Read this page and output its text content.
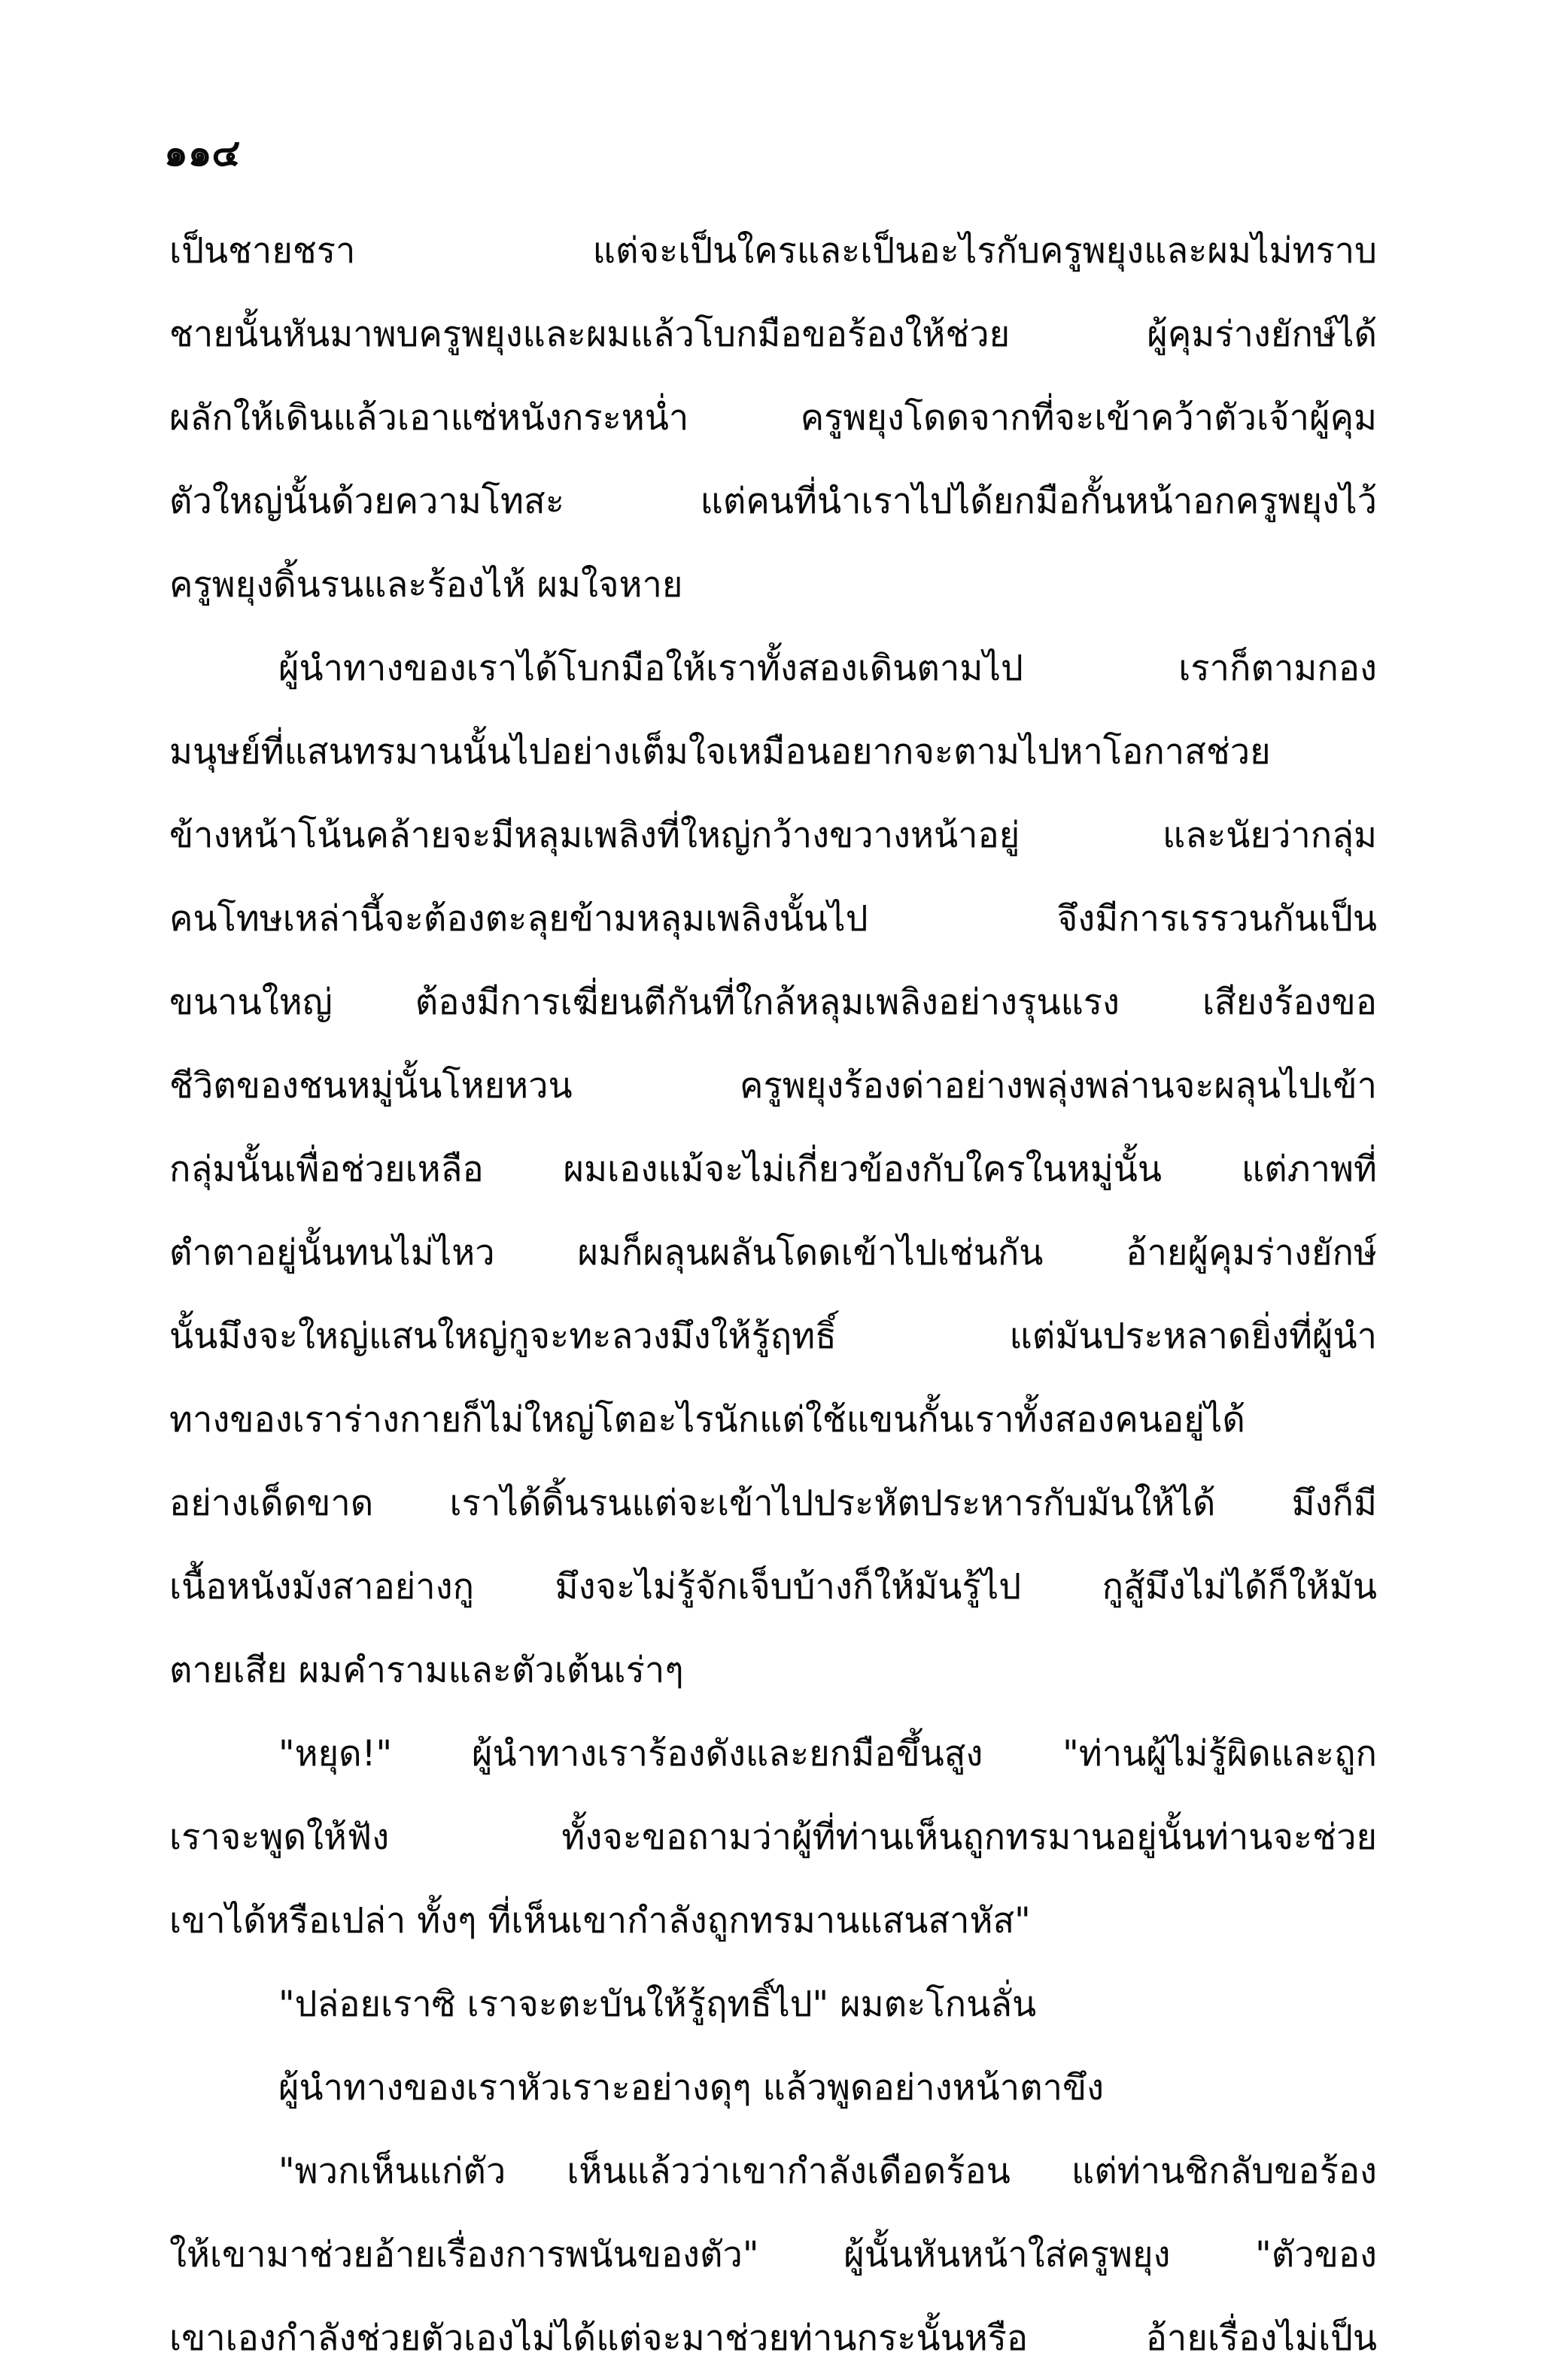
๑๑๔

เป็นชายชรา แต่จะเป็นใครและเป็นอะไรกับครูพยุงและผมไม่ทราบ
ชายนั้นหันมาพบครูพยุงและผมแล้วโบกมือขอร้องให้ช่วย ผู้คุมร่างยักษ์ได้
ผลักให้เดินแล้วเอาแซ่หนังกระหน่ำ ครูพยุงโดดจากที่จะเข้าคว้าตัวเจ้าผู้คุม
ตัวใหญ่นั้นด้วยความโทสะ แต่คนที่นำเราไปได้ยกมือกั้นหน้าอกครูพยุงไว้
ครูพยุงดิ้นรนและร้องไห้ ผมใจหาย
ผู้นำทางของเราได้โบกมือให้เราทั้งสองเดินตามไป เราก็ตามกอง
มนุษย์ที่แสนทรมานนั้นไปอย่างเต็มใจเหมือนอยากจะตามไปหาโอกาสช่วย
ข้างหน้าโน้นคล้ายจะมีหลุมเพลิงที่ใหญ่กว้างขวางหน้าอยู่ และนัยว่ากลุ่ม
คนโทษเหล่านี้จะต้องตะลุยข้ามหลุมเพลิงนั้นไป จึงมีการเรรวนกันเป็น
ขนานใหญ่ ต้องมีการเฆี่ยนตีกันที่ใกล้หลุมเพลิงอย่างรุนแรง เสียงร้องขอ
ชีวิตของชนหมู่นั้นโหยหวน ครูพยุงร้องด่าอย่างพลุ่งพล่านจะผลุนไปเข้า
กลุ่มนั้นเพื่อช่วยเหลือ ผมเองแม้จะไม่เกี่ยวข้องกับใครในหมู่นั้น แต่ภาพที่
ตำตาอยู่นั้นทนไม่ไหว ผมก็ผลุนผลันโดดเข้าไปเช่นกัน อ้ายผู้คุมร่างยักษ์
นั้นมึงจะใหญ่แสนใหญ่กูจะทะลวงมึงให้รู้ฤทธิ์ แต่มันประหลาดยิ่งที่ผู้นำ
ทางของเราร่างกายก็ไม่ใหญ่โตอะไรนักแต่ใช้แขนกั้นเราทั้งสองคนอยู่ได้
อย่างเด็ดขาด เราได้ดิ้นรนแต่จะเข้าไปประหัตประหารกับมันให้ได้ มึงก็มี
เนื้อหนังมังสาอย่างกู มึงจะไม่รู้จักเจ็บบ้างก็ให้มันรู้ไป กูสู้มึงไม่ได้ก็ให้มัน
ตายเสีย ผมคำรามและตัวเต้นเร่าๆ
"หยุด!" ผู้นำทางเราร้องดังและยกมือขึ้นสูง "ท่านผู้ไม่รู้ผิดและถูก
เราจะพูดให้ฟัง ทั้งจะขอถามว่าผู้ที่ท่านเห็นถูกทรมานอยู่นั้นท่านจะช่วย
เขาได้หรือเปล่า ทั้งๆ ที่เห็นเขากำลังถูกทรมานแสนสาหัส"
"ปล่อยเราซิ เราจะตะบันให้รู้ฤทธิ์ไป" ผมตะโกนลั่น
ผู้นำทางของเราหัวเราะอย่างดุๆ แล้วพูดอย่างหน้าตาขึง
"พวกเห็นแก่ตัว เห็นแล้วว่าเขากำลังเดือดร้อน แต่ท่านชิกลับขอร้อง
ให้เขามาช่วยอ้ายเรื่องการพนันของตัว" ผู้นั้นหันหน้าใส่ครูพยุง "ตัวของ
เขาเองกำลังช่วยตัวเองไม่ได้แต่จะมาช่วยท่านกระนั้นหรือ อ้ายเรื่องไม่เป็น
